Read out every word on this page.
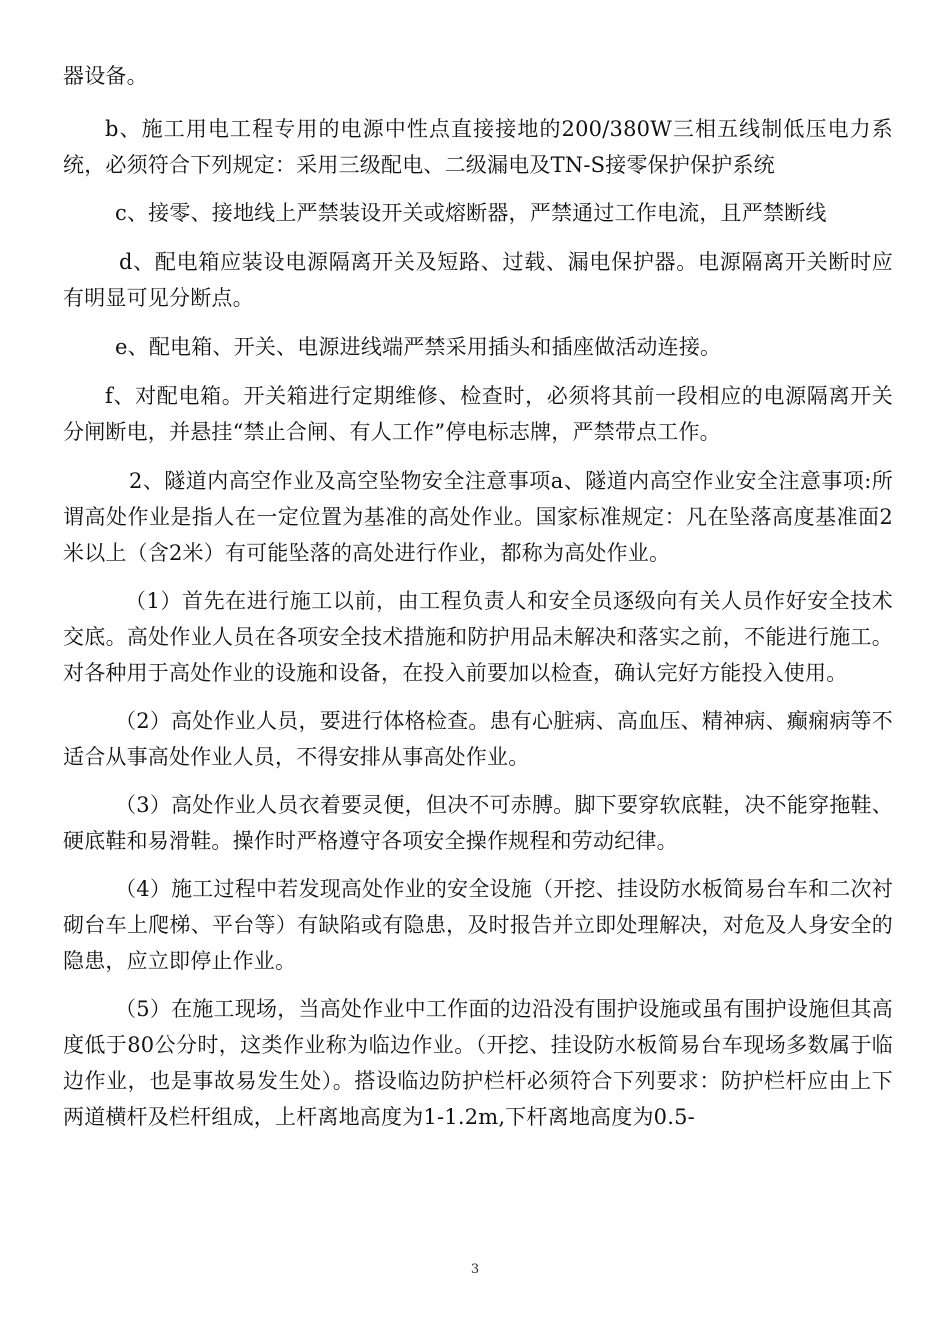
器设备。

b、施工用电工程专用的电源中性点直接接地的200/380W三相五线制低压电力系统，必须符合下列规定：采用三级配电、二级漏电及TN-S接零保护保护系统

c、接零、接地线上严禁装设开关或熔断器，严禁通过工作电流，且严禁断线

d、配电箱应装设电源隔离开关及短路、过载、漏电保护器。电源隔离开关断时应有明显可见分断点。

e、配电箱、开关、电源进线端严禁采用插头和插座做活动连接。

f、对配电箱。开关箱进行定期维修、检查时，必须将其前一段相应的电源隔离开关分闸断电，并悬挂“禁止合闸、有人工作”停电标志牌，严禁带点工作。

2、隧道内高空作业及高空坠物安全注意事项a、隧道内高空作业安全注意事项:所谓高处作业是指人在一定位置为基准的高处作业。国家标准规定：凡在坠落高度基准面2米以上（含2米）有可能坠落的高处进行作业，都称为高处作业。

（1）首先在进行施工以前，由工程负责人和安全员逐级向有关人员作好安全技术交底。高处作业人员在各项安全技术措施和防护用品未解决和落实之前，不能进行施工。对各种用于高处作业的设施和设备，在投入前要加以检查，确认完好方能投入使用。

（2）高处作业人员，要进行体格检查。患有心脏病、高血压、精神病、癫痫病等不适合从事高处作业人员，不得安排从事高处作业。

（3）高处作业人员衣着要灵便，但决不可赤膊。脚下要穿软底鞋，决不能穿拖鞋、硬底鞋和易滑鞋。操作时严格遵守各项安全操作规程和劳动纪律。

（4）施工过程中若发现高处作业的安全设施（开挖、挂设防水板简易台车和二次衬砌台车上爬梯、平台等）有缺陷或有隐患，及时报告并立即处理解决，对危及人身安全的隐患，应立即停止作业。

（5）在施工现场，当高处作业中工作面的边沿没有围护设施或虽有围护设施但其高度低于80公分时，这类作业称为临边作业。（开挖、挂设防水板简易台车现场多数属于临边作业，也是事故易发生处）。搭设临边防护栏杆必须符合下列要求：防护栏杆应由上下两道横杆及栏杆组成，上杆离地高度为1-1.2m,下杆离地高度为0.5-

3
